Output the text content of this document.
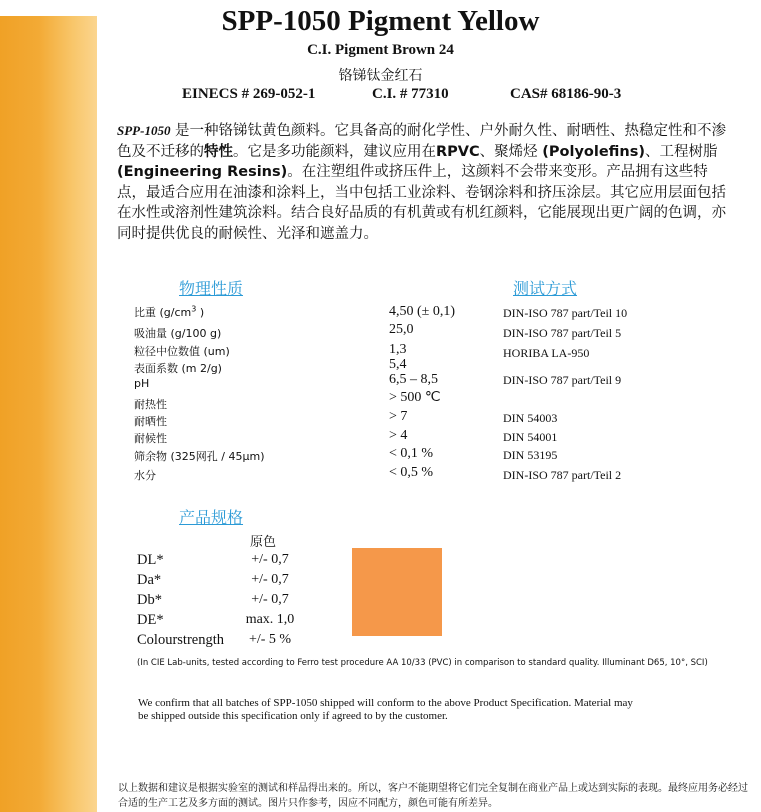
SPP-1050 Pigment Yellow
C.I. Pigment Brown 24
铬锑钛金红石
EINECS # 269-052-1	C.I. # 77310	CAS# 68186-90-3
SPP-1050 是一种铬锑钛黄色颜料。它具备高的耐化学性、户外耐久性、耐晒性、热稳定性和不渗色及不迁移的特性。它是多功能颜料，建议应用在RPVC、聚烯烃 (Polyolefins)、工程树脂(Engineering Resins)。在注塑组件或挤压件上，这颜料不会带来变形。产品拥有这些特点，最适合应用在油漆和涂料上，当中包括工业涂料、卷钢涂料和挤压涂层。其它应用层面包括在水性或溶剂性建筑涂料。结合良好品质的有机黄或有机红颜料，它能展现出更广阔的色调，亦同时提供优良的耐候性、光泽和遮盖力。
物理性质	测试方式
比重 ($g/cm^3$ )	4,50 (± 0,1)	DIN-ISO 787 part/Teil 10
吸油量 (g/100 g)	25,0	DIN-ISO 787 part/Teil 5
粒径中位数值 (um)	1,3	HORIBA LA-950
表面系数 (m 2/g)	5,4
pH	6,5 – 8,5	DIN-ISO 787 part/Teil 9
耐热性	> 500 ℃
耐晒性	> 7	DIN 54003
耐候性	> 4	DIN 54001
筛余物 (325网孔 / 45µm)	< 0,1 %	DIN 53195
水分	< 0,5 %	DIN-ISO 787 part/Teil 2
产品规格
原色
DL*	+/- 0,7
Da*	+/- 0,7
Db*	+/- 0,7
DE*	max. 1,0
Colourstrength	+/- 5 %
(In CIE Lab-units, tested according to Ferro test procedure AA 10/33 (PVC) in comparison to standard quality. Illuminant D65, 10°, SCI)
We confirm that all batches of SPP-1050 shipped will conform to the above Product Specification. Material may be shipped outside this specification only if agreed to by the customer.
以上数据和建议是根据实验室的测试和样品得出来的。所以，客户不能期望将它们完全复制在商业产品上或达到实际的表现。最终应用务必经过合适的生产工艺及多方面的测试。图片只作参考，因应不同配方，颜色可能有所差异。
